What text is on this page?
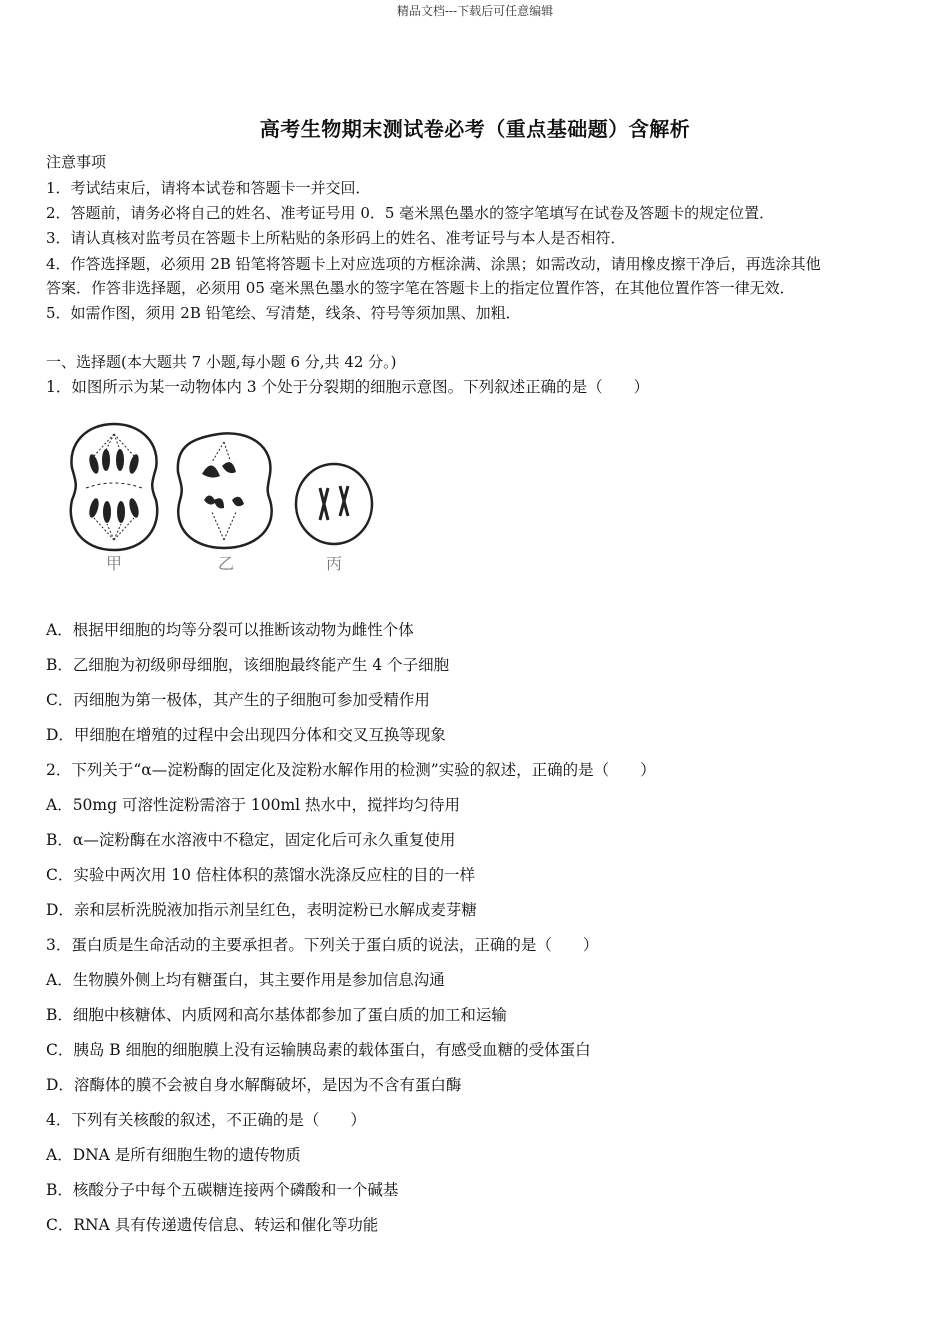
精品文档---下载后可任意编辑
高考生物期末测试卷必考（重点基础题）含解析
注意事项
1．考试结束后，请将本试卷和答题卡一并交回．
2．答题前，请务必将自己的姓名、准考证号用 0．5 毫米黑色墨水的签字笔填写在试卷及答题卡的规定位置．
3．请认真核对监考员在答题卡上所粘贴的条形码上的姓名、准考证号与本人是否相符．
4．作答选择题，必须用 2B 铅笔将答题卡上对应选项的方框涂满、涂黑；如需改动，请用橡皮擦干净后，再选涂其他
答案．作答非选择题，必须用 05 毫米黑色墨水的签字笔在答题卡上的指定位置作答，在其他位置作答一律无效．
5．如需作图，须用 2B 铅笔绘、写清楚，线条、符号等须加黑、加粗．
一、选择题(本大题共 7 小题,每小题 6 分,共 42 分。)
1．如图所示为某一动物体内 3 个处于分裂期的细胞示意图。下列叙述正确的是（　　）
甲	乙	丙
A．根据甲细胞的均等分裂可以推断该动物为雌性个体
B．乙细胞为初级卵母细胞，该细胞最终能产生 4 个子细胞
C．丙细胞为第一极体，其产生的子细胞可参加受精作用
D．甲细胞在增殖的过程中会出现四分体和交叉互换等现象
2．下列关于“α—淀粉酶的固定化及淀粉水解作用的检测”实验的叙述，正确的是（　　）
A．50mg 可溶性淀粉需溶于 100ml 热水中，搅拌均匀待用
B．α—淀粉酶在水溶液中不稳定，固定化后可永久重复使用
C．实验中两次用 10 倍柱体积的蒸馏水洗涤反应柱的目的一样
D．亲和层析洗脱液加指示剂呈红色，表明淀粉已水解成麦芽糖
3．蛋白质是生命活动的主要承担者。下列关于蛋白质的说法，正确的是（　　）
A．生物膜外侧上均有糖蛋白，其主要作用是参加信息沟通
B．细胞中核糖体、内质网和高尔基体都参加了蛋白质的加工和运输
C．胰岛 B 细胞的细胞膜上没有运输胰岛素的载体蛋白，有感受血糖的受体蛋白
D．溶酶体的膜不会被自身水解酶破坏，是因为不含有蛋白酶
4．下列有关核酸的叙述，不正确的是（　　）
A．DNA 是所有细胞生物的遗传物质
B．核酸分子中每个五碳糖连接两个磷酸和一个碱基
C．RNA 具有传递遗传信息、转运和催化等功能
